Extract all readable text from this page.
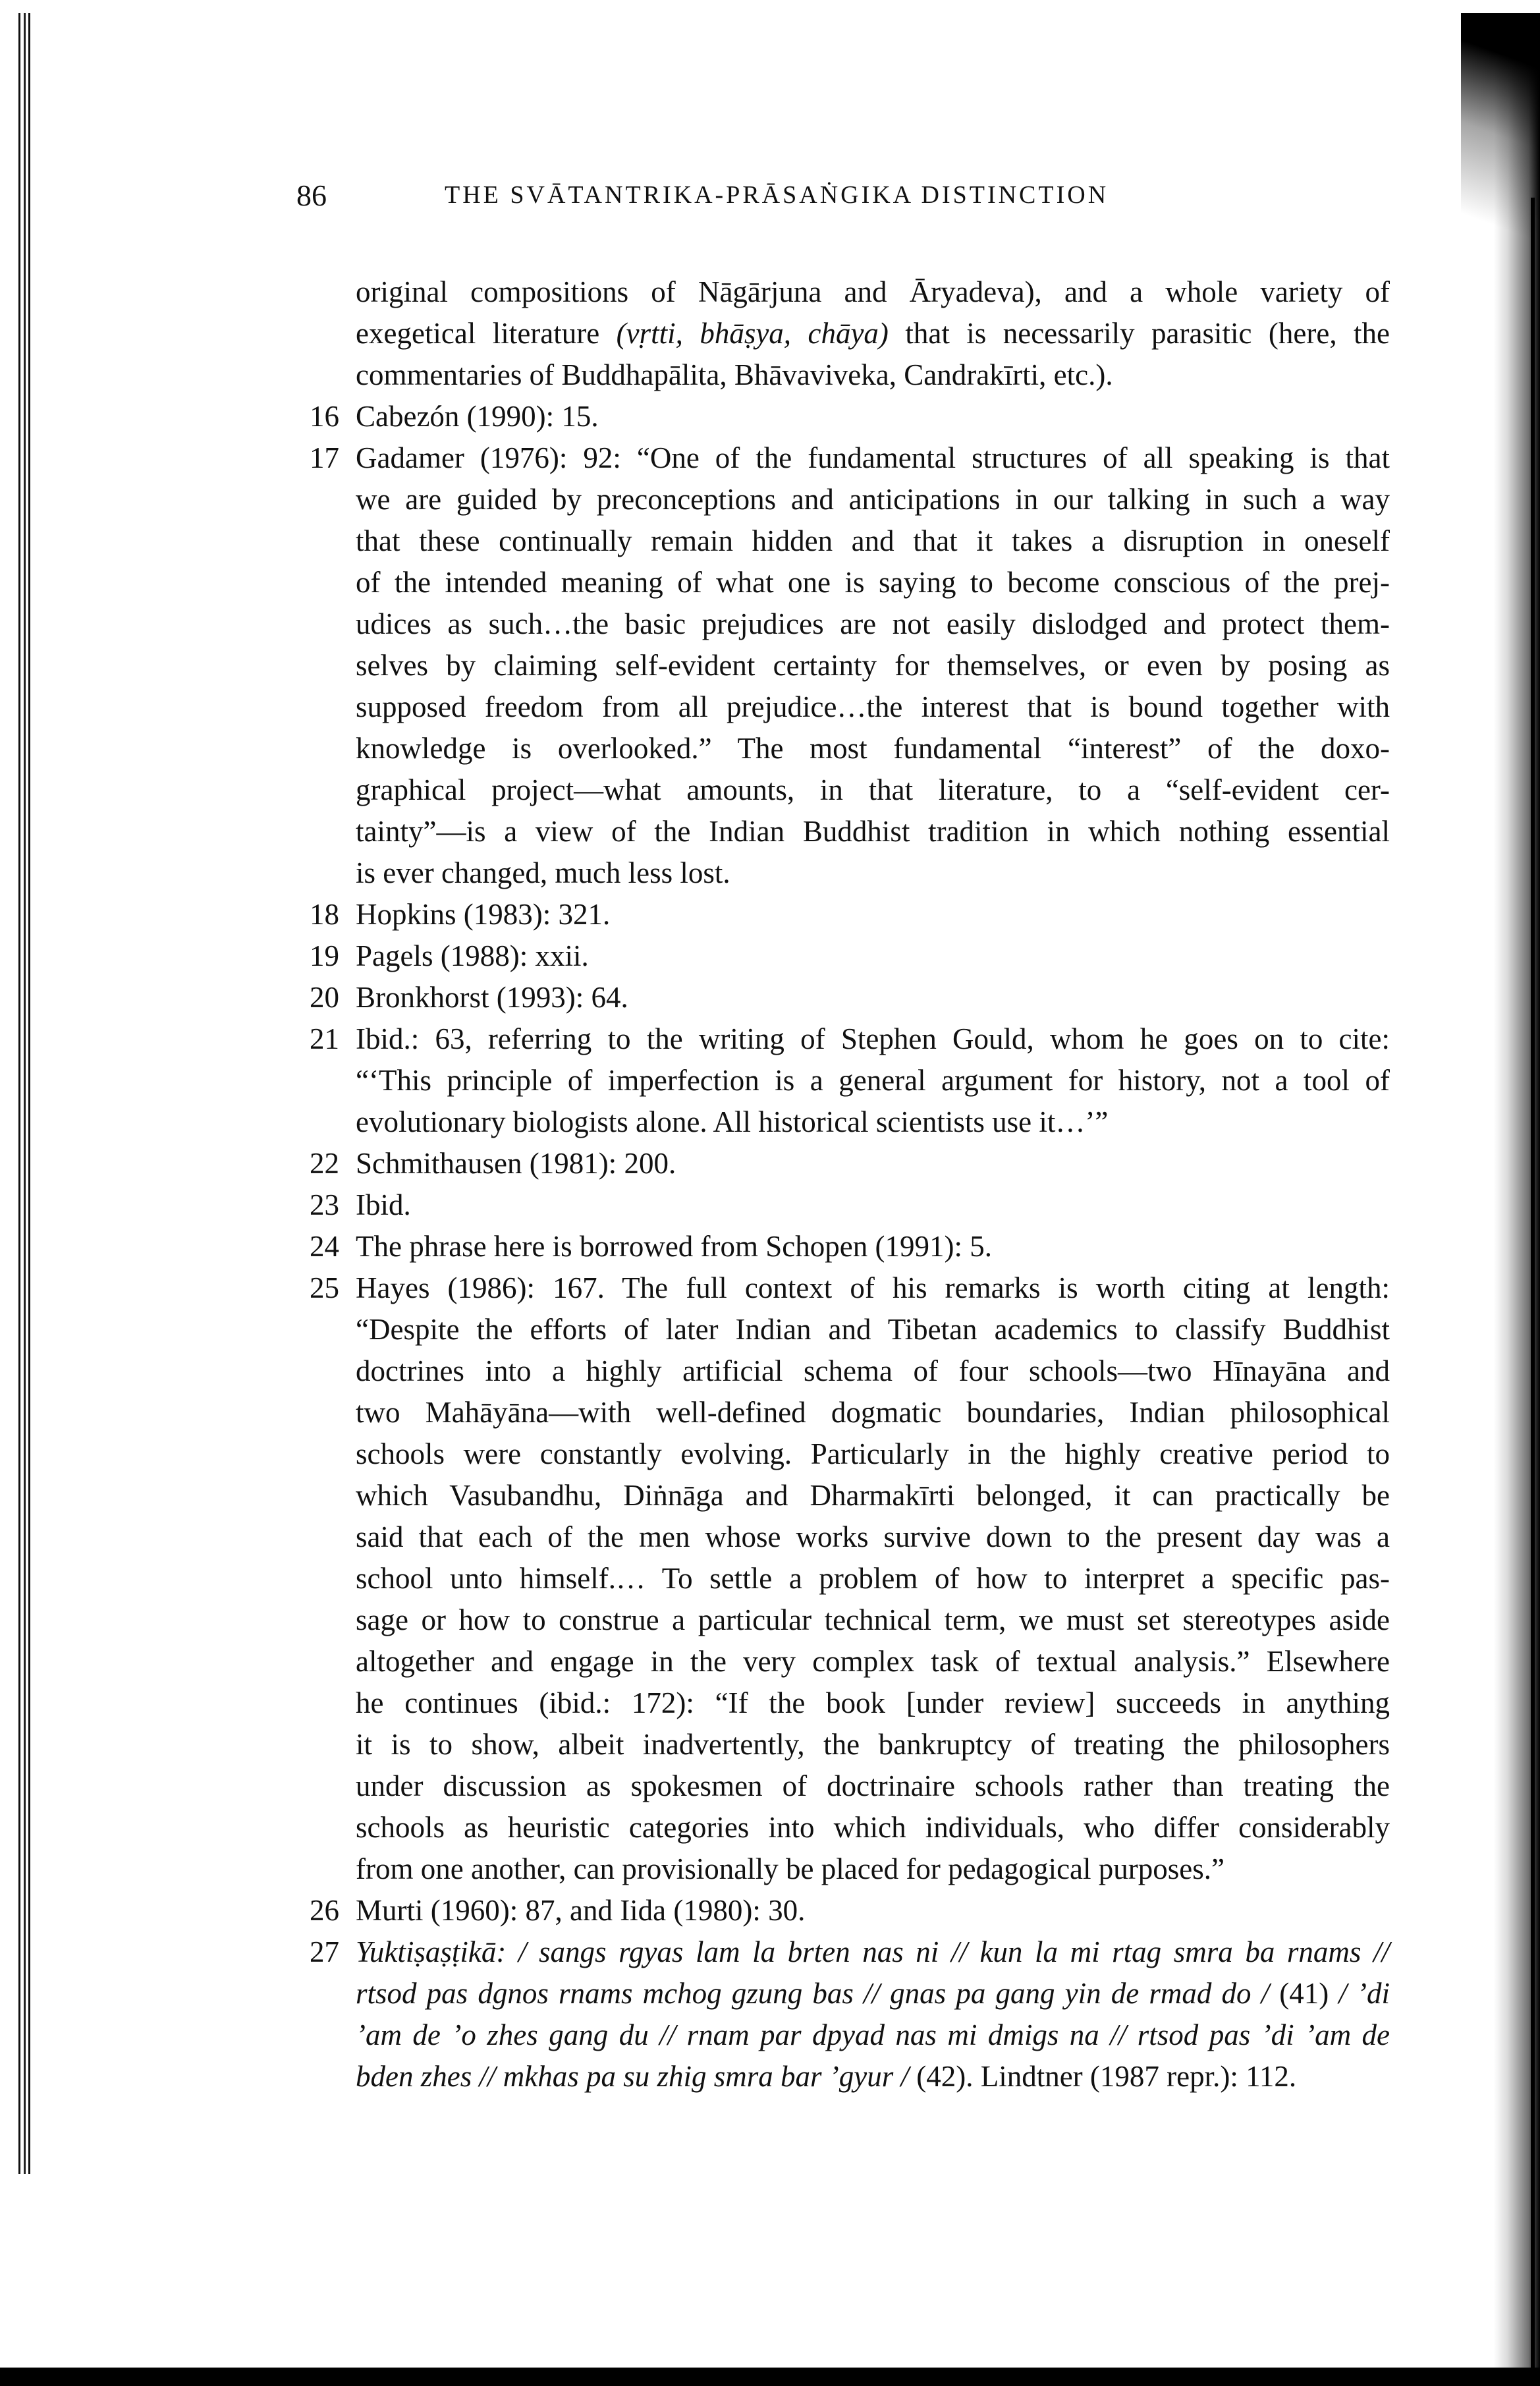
86	THE SVĀTANTRIKA-PRĀSAṄGIKA DISTINCTION
original compositions of Nāgārjuna and Āryadeva), and a whole variety of
exegetical literature (vṛtti, bhāṣya, chāya) that is necessarily parasitic (here, the
commentaries of Buddhapālita, Bhāvaviveka, Candrakīrti, etc.).
16 Cabezón (1990): 15.
17 Gadamer (1976): 92: “One of the fundamental structures of all speaking is that
we are guided by preconceptions and anticipations in our talking in such a way
that these continually remain hidden and that it takes a disruption in oneself
of the intended meaning of what one is saying to become conscious of the prej-
udices as such…the basic prejudices are not easily dislodged and protect them-
selves by claiming self-evident certainty for themselves, or even by posing as
supposed freedom from all prejudice…the interest that is bound together with
knowledge is overlooked.” The most fundamental “interest” of the doxo-
graphical project—what amounts, in that literature, to a “self-evident cer-
tainty”—is a view of the Indian Buddhist tradition in which nothing essential
is ever changed, much less lost.
18 Hopkins (1983): 321.
19 Pagels (1988): xxii.
20 Bronkhorst (1993): 64.
21 Ibid.: 63, referring to the writing of Stephen Gould, whom he goes on to cite:
“‘This principle of imperfection is a general argument for history, not a tool of
evolutionary biologists alone. All historical scientists use it…’”
22 Schmithausen (1981): 200.
23 Ibid.
24 The phrase here is borrowed from Schopen (1991): 5.
25 Hayes (1986): 167. The full context of his remarks is worth citing at length:
“Despite the efforts of later Indian and Tibetan academics to classify Buddhist
doctrines into a highly artificial schema of four schools—two Hīnayāna and
two Mahāyāna—with well-defined dogmatic boundaries, Indian philosophical
schools were constantly evolving. Particularly in the highly creative period to
which Vasubandhu, Diṅnāga and Dharmakīrti belonged, it can practically be
said that each of the men whose works survive down to the present day was a
school unto himself.… To settle a problem of how to interpret a specific pas-
sage or how to construe a particular technical term, we must set stereotypes aside
altogether and engage in the very complex task of textual analysis.” Elsewhere
he continues (ibid.: 172): “If the book [under review] succeeds in anything
it is to show, albeit inadvertently, the bankruptcy of treating the philosophers
under discussion as spokesmen of doctrinaire schools rather than treating the
schools as heuristic categories into which individuals, who differ considerably
from one another, can provisionally be placed for pedagogical purposes.”
26 Murti (1960): 87, and Iida (1980): 30.
27 Yuktiṣaṣṭikā: / sangs rgyas lam la brten nas ni // kun la mi rtag smra ba rnams //
rtsod pas dgnos rnams mchog gzung bas // gnas pa gang yin de rmad do / (41) / ’di
’am de ’o zhes gang du // rnam par dpyad nas mi dmigs na // rtsod pas ’di ’am de
bden zhes // mkhas pa su zhig smra bar ’gyur / (42). Lindtner (1987 repr.): 112.
